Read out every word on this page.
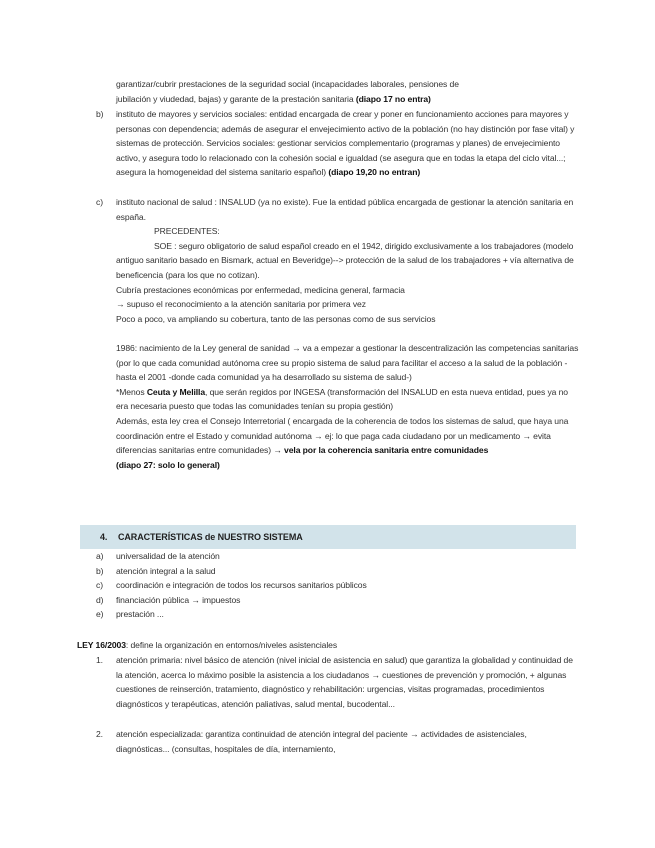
garantizar/cubrir prestaciones de la seguridad social (incapacidades laborales, pensiones de

jubilación y viudedad, bajas) y garante de la prestación sanitaria (diapo 17 no entra)

b) instituto de mayores y servicios sociales: entidad encargada de crear y poner en funcionamiento acciones para mayores y personas con dependencia; además de asegurar el envejecimiento activo de la población (no hay distinción por fase vital) y sistemas de protección. Servicios sociales: gestionar servicios complementario (programas y planes) de envejecimiento activo, y asegura todo lo relacionado con la cohesión social e igualdad (se asegura que en todas la etapa del ciclo vital...; asegura la homogeneidad del sistema sanitario español) (diapo 19,20 no entran)

c) instituto nacional de salud : INSALUD (ya no existe). Fue la entidad pública encargada de gestionar la atención sanitaria en españa.

PRECEDENTES:

SOE : seguro obligatorio de salud español creado en el 1942, dirigido exclusivamente a los trabajadores (modelo antiguo sanitario basado en Bismark, actual en Beveridge)--> protección de la salud de los trabajadores + vía alternativa de beneficencia (para los que no cotizan).

Cubría prestaciones económicas por enfermedad, medicina general, farmacia

→ supuso el reconocimiento a la atención sanitaria por primera vez

Poco a poco, va ampliando su cobertura, tanto de las personas como de sus servicios

1986: nacimiento de la Ley general de sanidad → va a empezar a gestionar la descentralización las competencias sanitarias (por lo que cada comunidad autónoma cree su propio sistema de salud para facilitar el acceso a la salud de la población -hasta el 2001 -donde cada comunidad ya ha desarrollado su sistema de salud-)

*Menos Ceuta y Melilla, que serán regidos por INGESA (transformación del INSALUD en esta nueva entidad, pues ya no era necesaria puesto que todas las comunidades tenían su propia gestión)

Además, esta ley crea el Consejo Interretorial ( encargada de la coherencia de todos los sistemas de salud, que haya una coordinación entre el Estado y comunidad autónoma → ej: lo que paga cada ciudadano por un medicamento → evita diferencias sanitarias entre comunidades) → vela por la coherencia sanitaria entre comunidades

(diapo 27: solo lo general)

4. CARACTERÍSTICAS de NUESTRO SISTEMA
a) universalidad de la atención
b) atención integral a la salud
c) coordinación e integración de todos los recursos sanitarios públicos
d) financiación pública → impuestos
e) prestación ...

LEY 16/2003: define la organización en entornos/niveles asistenciales

1. atención primaria: nivel básico de atención (nivel inicial de asistencia en salud) que garantiza la globalidad y continuidad de la atención, acerca lo máximo posible la asistencia a los ciudadanos → cuestiones de prevención y promoción, + algunas cuestiones de reinserción, tratamiento, diagnóstico y rehabilitación: urgencias, visitas programadas, procedimientos diagnósticos y terapéuticas, atención paliativas, salud mental, bucodental...

2. atención especializada: garantiza continuidad de atención integral del paciente → actividades de asistenciales, diagnósticas... (consultas, hospitales de día, internamiento,
